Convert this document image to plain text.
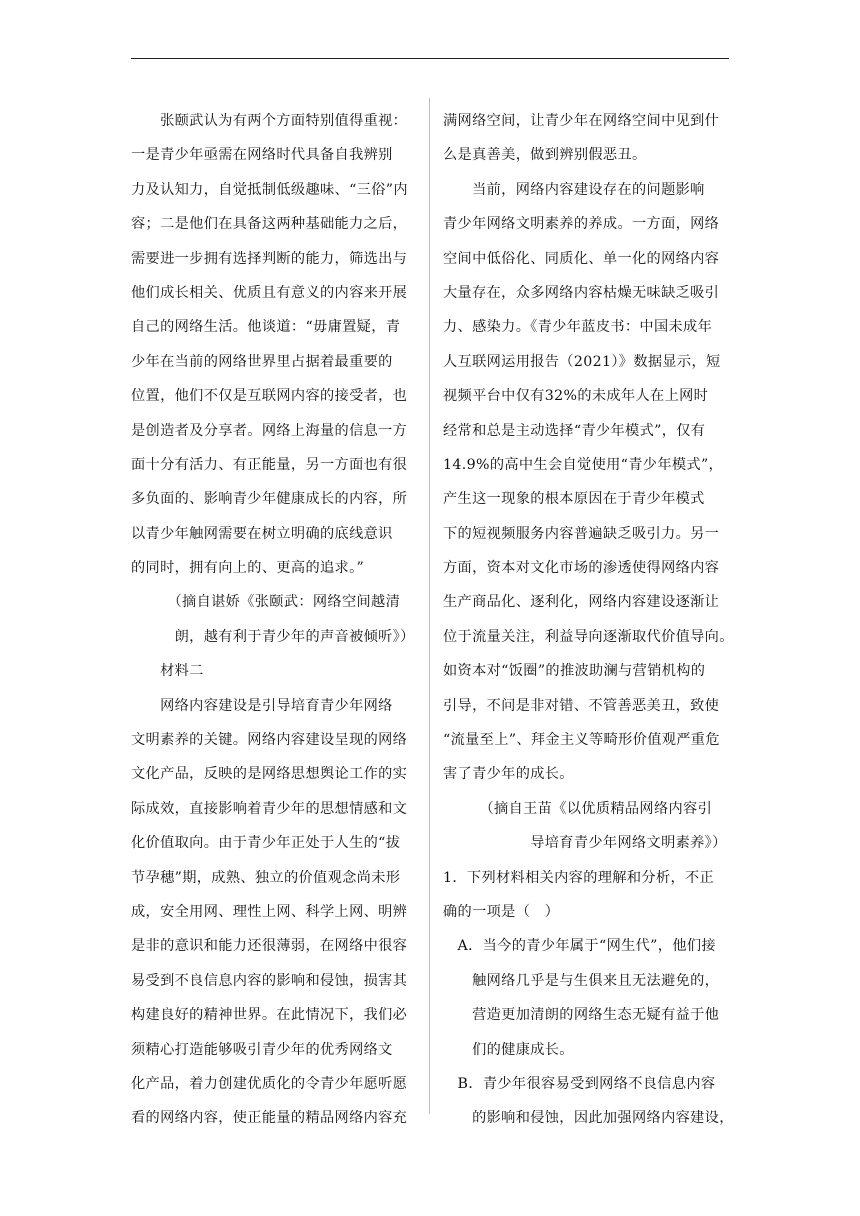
　　张颐武认为有两个方面特别值得重视：
一是青少年亟需在网络时代具备自我辨别
力及认知力，自觉抵制低级趣味、“三俗”内
容；二是他们在具备这两种基础能力之后，
需要进一步拥有选择判断的能力，筛选出与
他们成长相关、优质且有意义的内容来开展
自己的网络生活。他谈道：“毋庸置疑，青
少年在当前的网络世界里占据着最重要的
位置，他们不仅是互联网内容的接受者，也
是创造者及分享者。网络上海量的信息一方
面十分有活力、有正能量，另一方面也有很
多负面的、影响青少年健康成长的内容，所
以青少年触网需要在树立明确的底线意识
的同时，拥有向上的、更高的追求。”
　　　（摘自谌娇《张颐武：网络空间越清
　　　朗，越有利于青少年的声音被倾听》）
　　材料二
　　网络内容建设是引导培育青少年网络
文明素养的关键。网络内容建设呈现的网络
文化产品，反映的是网络思想舆论工作的实
际成效，直接影响着青少年的思想情感和文
化价值取向。由于青少年正处于人生的“拔
节孕穗”期，成熟、独立的价值观念尚未形
成，安全用网、理性上网、科学上网、明辨
是非的意识和能力还很薄弱，在网络中很容
易受到不良信息内容的影响和侵蚀，损害其
构建良好的精神世界。在此情况下，我们必
须精心打造能够吸引青少年的优秀网络文
化产品，着力创建优质化的令青少年愿听愿
看的网络内容，使正能量的精品网络内容充
满网络空间，让青少年在网络空间中见到什
么是真善美，做到辨别假恶丑。
　　当前，网络内容建设存在的问题影响
青少年网络文明素养的养成。一方面，网络
空间中低俗化、同质化、单一化的网络内容
大量存在，众多网络内容枯燥无味缺乏吸引
力、感染力。《青少年蓝皮书：中国未成年
人互联网运用报告（2021）》数据显示，短
视频平台中仅有32%的未成年人在上网时
经常和总是主动选择“青少年模式”，仅有
14.9%的高中生会自觉使用“青少年模式”，
产生这一现象的根本原因在于青少年模式
下的短视频服务内容普遍缺乏吸引力。另一
方面，资本对文化市场的渗透使得网络内容
生产商品化、逐利化，网络内容建设逐渐让
位于流量关注，利益导向逐渐取代价值导向。
如资本对“饭圈”的推波助澜与营销机构的
引导，不问是非对错、不管善恶美丑，致使
“流量至上”、拜金主义等畸形价值观严重危
害了青少年的成长。
　　　（摘自王苗《以优质精品网络内容引
　　　　　　导培育青少年网络文明素养》）
1．下列材料相关内容的理解和分析，不正
确的一项是（　）
　A．当今的青少年属于“网生代”，他们接
　　触网络几乎是与生俱来且无法避免的，
　　营造更加清朗的网络生态无疑有益于他
　　们的健康成长。
　B．青少年很容易受到网络不良信息内容
　　的影响和侵蚀，因此加强网络内容建设，
